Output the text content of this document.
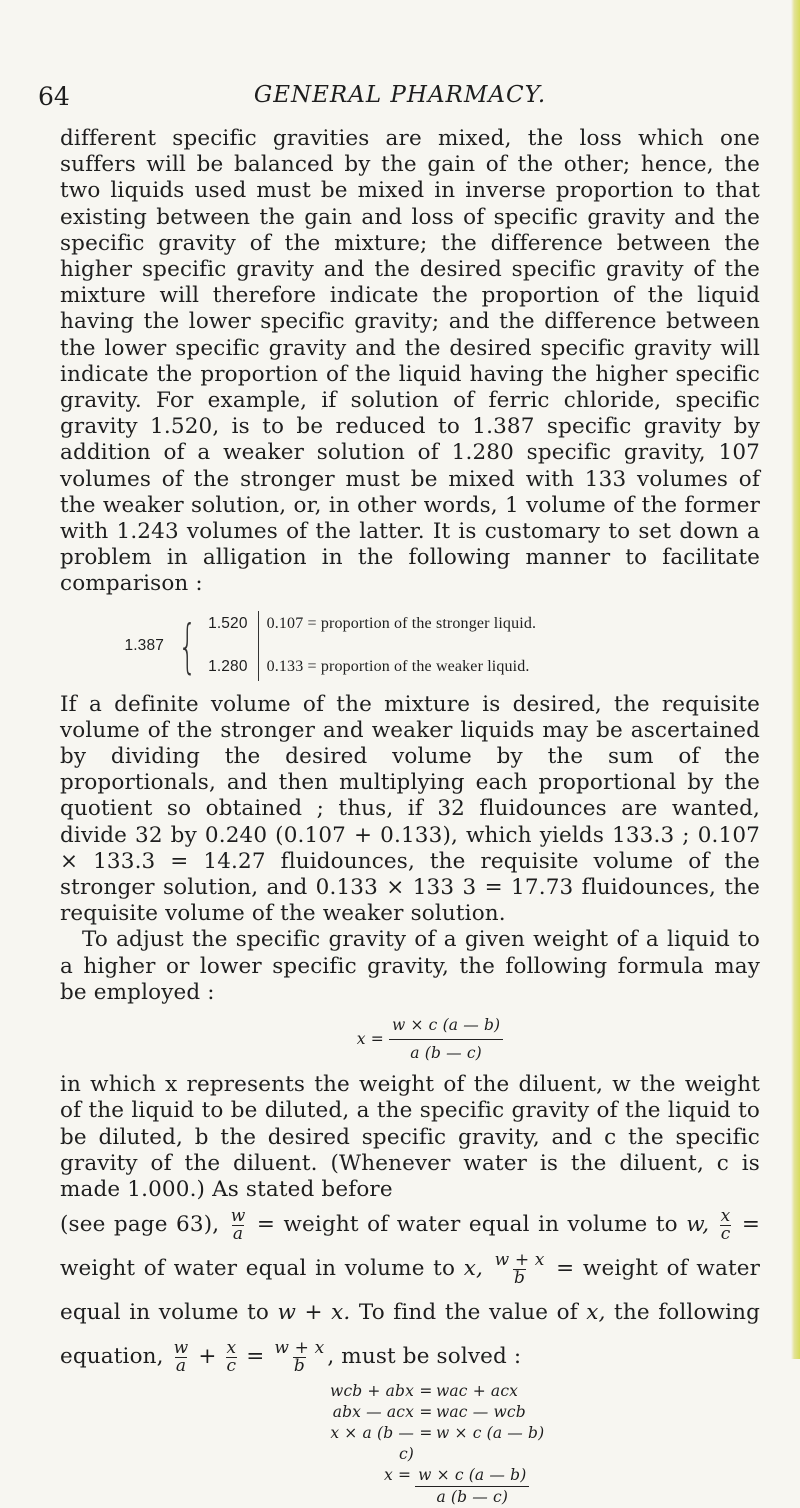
64	GENERAL PHARMACY.

different specific gravities are mixed, the loss which one suffers will be balanced by the gain of the other; hence, the two liquids used must be mixed in inverse proportion to that existing between the gain and loss of specific gravity and the specific gravity of the mixture; the difference between the higher specific gravity and the desired specific gravity of the mixture will therefore indicate the proportion of the liquid having the lower specific gravity; and the difference between the lower specific gravity and the desired specific gravity will indicate the proportion of the liquid having the higher specific gravity. For example, if solution of ferric chloride, specific gravity 1.520, is to be reduced to 1.387 specific gravity by addition of a weaker solution of 1.280 specific gravity, 107 volumes of the stronger must be mixed with 133 volumes of the weaker solution, or, in other words, 1 volume of the former with 1.243 volumes of the latter. It is customary to set down a problem in alligation in the following manner to facilitate comparison :

1.387 { 1.520
1.280
0.107 = proportion of the stronger liquid.
0.133 = proportion of the weaker liquid.

If a definite volume of the mixture is desired, the requisite volume of the stronger and weaker liquids may be ascertained by dividing the desired volume by the sum of the proportionals, and then multiplying each proportional by the quotient so obtained ; thus, if 32 fluidounces are wanted, divide 32 by 0.240 (0.107 + 0.133), which yields 133.3 ; 0.107 × 133.3 = 14.27 fluidounces, the requisite volume of the stronger solution, and 0.133 × 133 3 = 17.73 fluidounces, the requisite volume of the weaker solution.

To adjust the specific gravity of a given weight of a liquid to a higher or lower specific gravity, the following formula may be employed :

x =
$\frac{w \times c (a — b)}{a (b — c)}$

in which x represents the weight of the diluent, w the weight of the liquid to be diluted, a the specific gravity of the liquid to be diluted, b the desired specific gravity, and c the specific gravity of the diluent. (Whenever water is the diluent, c is made 1.000.) As stated before

(see page 63), $\frac{w}{a}$ = weight of water equal in volume to w, $\frac{x}{c}$ = weight of water equal in volume to x, $\frac{w + x}{b}$ = weight of water equal in volume to w + x. To find the value of x, the following equation, $\frac{w}{a} + \frac{x}{c} = \frac{w + x}{b}$ , must be solved :

wcb + abx = wac + acx
abx — acx = wac — wcb
x × a (b — c)
= w × c (a — b)
$x = \frac{w \times c (a — b)}{a (b — c)}$
